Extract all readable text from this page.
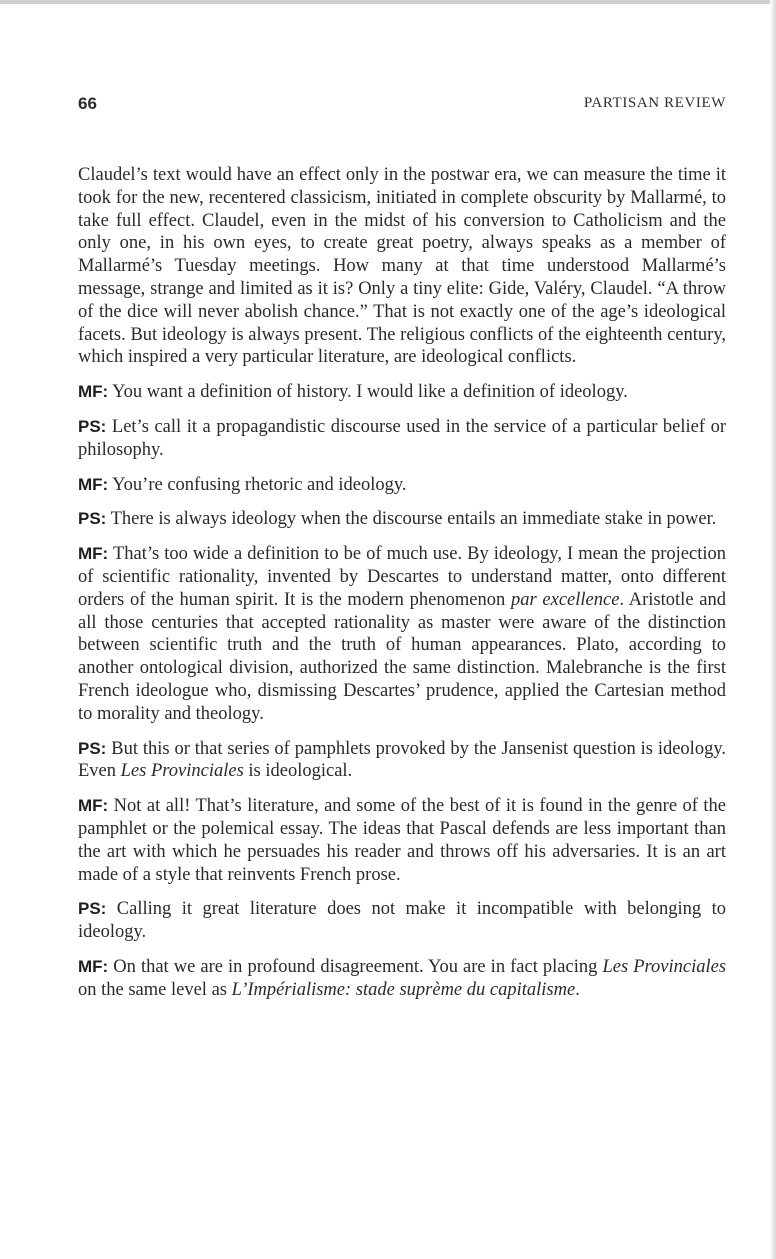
66	PARTISAN REVIEW

Claudel’s text would have an effect only in the postwar era, we can measure the time it took for the new, recentered classicism, initiated in complete obscurity by Mallarmé, to take full effect. Claudel, even in the midst of his conversion to Catholicism and the only one, in his own eyes, to create great poetry, always speaks as a member of Mallarmé’s Tuesday meetings. How many at that time understood Mallarmé’s message, strange and limited as it is? Only a tiny elite: Gide, Valéry, Claudel. “A throw of the dice will never abolish chance.” That is not exactly one of the age’s ideological facets. But ideology is always present. The religious conflicts of the eighteenth century, which inspired a very particular literature, are ideological conflicts.

MF: You want a definition of history. I would like a definition of ideology.

PS: Let’s call it a propagandistic discourse used in the service of a particular belief or philosophy.

MF: You’re confusing rhetoric and ideology.

PS: There is always ideology when the discourse entails an immediate stake in power.

MF: That’s too wide a definition to be of much use. By ideology, I mean the projection of scientific rationality, invented by Descartes to understand matter, onto different orders of the human spirit. It is the modern phenomenon par excellence. Aristotle and all those centuries that accepted rationality as master were aware of the distinction between scientific truth and the truth of human appearances. Plato, according to another ontological division, authorized the same distinction. Malebranche is the first French ideologue who, dismissing Descartes’ prudence, applied the Cartesian method to morality and theology.

PS: But this or that series of pamphlets provoked by the Jansenist question is ideology. Even Les Provinciales is ideological.

MF: Not at all! That’s literature, and some of the best of it is found in the genre of the pamphlet or the polemical essay. The ideas that Pascal defends are less important than the art with which he persuades his reader and throws off his adversaries. It is an art made of a style that reinvents French prose.

PS: Calling it great literature does not make it incompatible with belonging to ideology.

MF: On that we are in profound disagreement. You are in fact placing Les Provinciales on the same level as L’Impérialisme: stade suprème du capitalisme.
